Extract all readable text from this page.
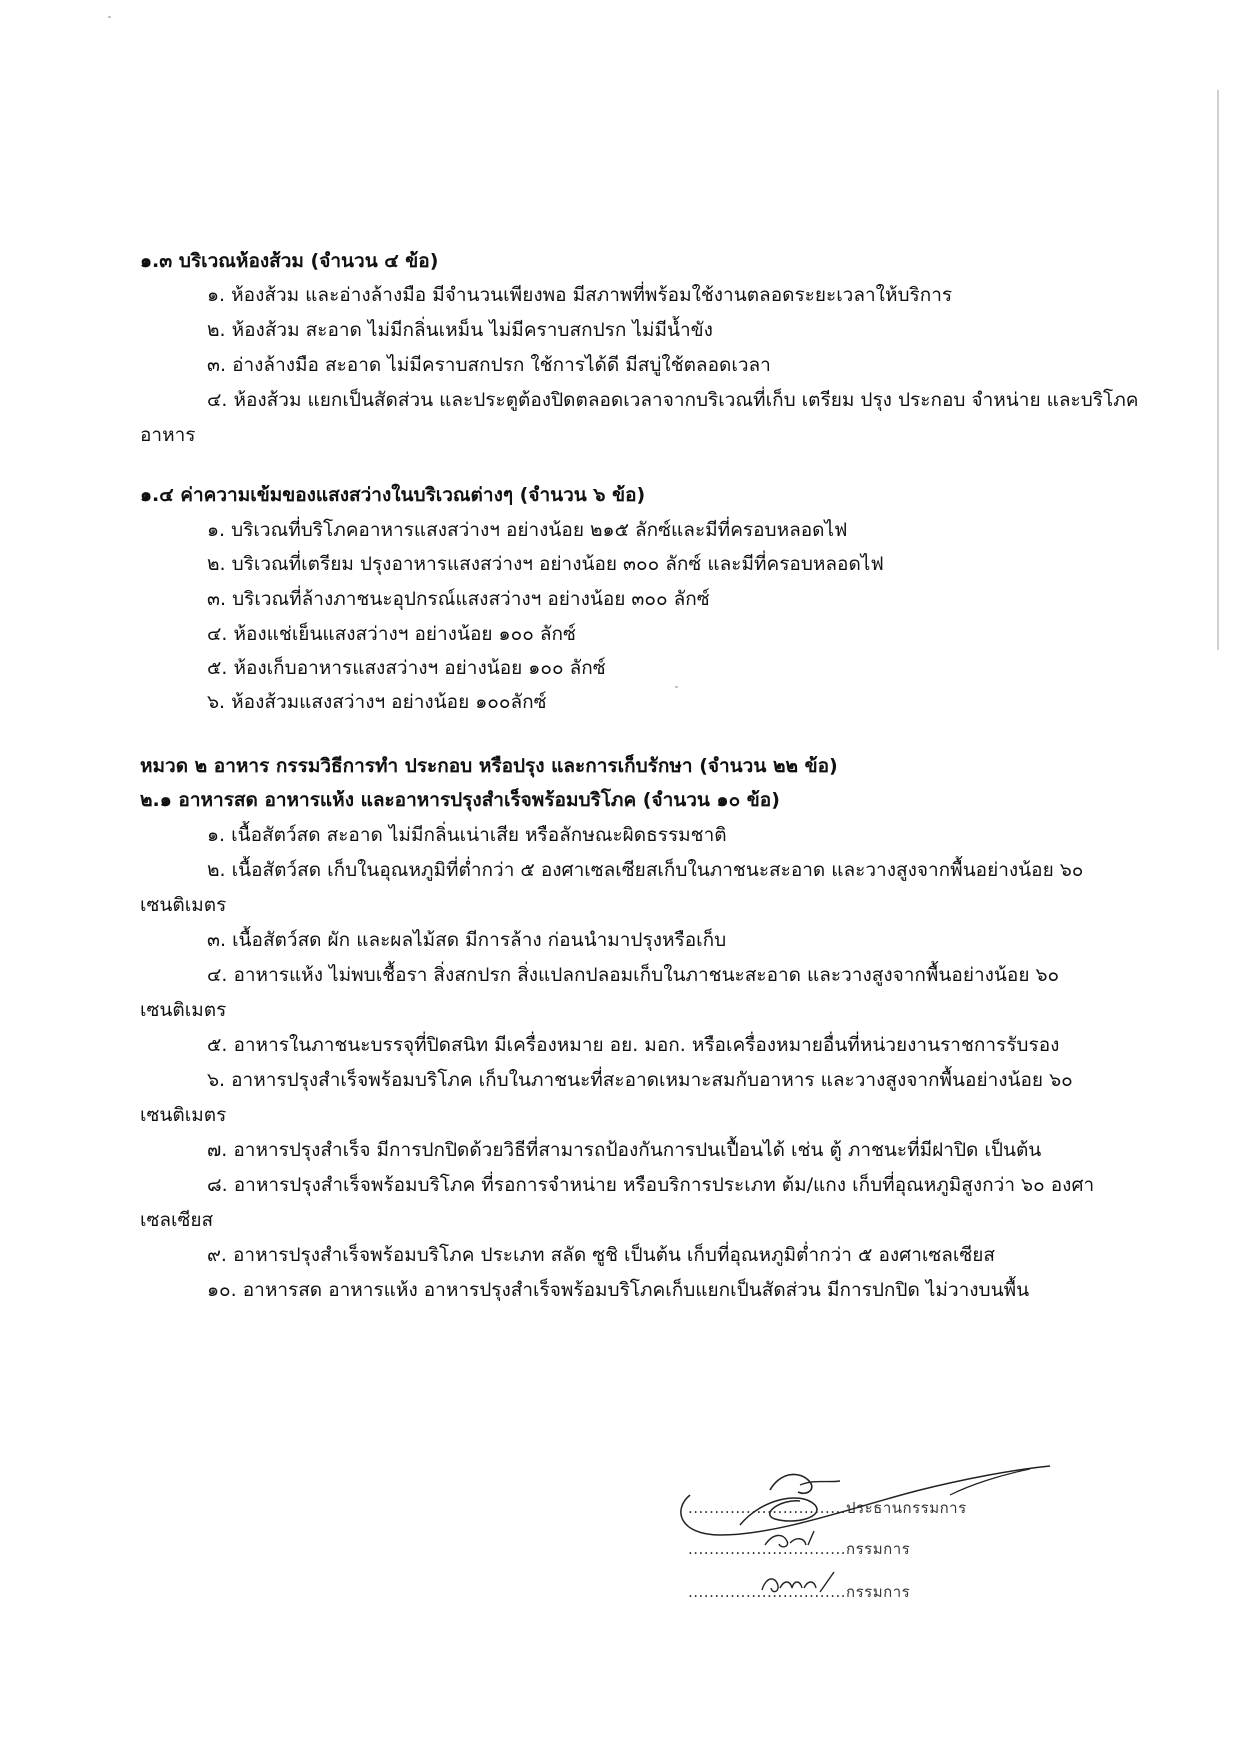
๑.๓ บริเวณห้องส้วม (จำนวน ๔ ข้อ)
๑. ห้องส้วม และอ่างล้างมือ มีจำนวนเพียงพอ มีสภาพที่พร้อมใช้งานตลอดระยะเวลาให้บริการ
๒. ห้องส้วม สะอาด ไม่มีกลิ่นเหม็น ไม่มีคราบสกปรก ไม่มีน้ำขัง
๓. อ่างล้างมือ สะอาด ไม่มีคราบสกปรก ใช้การได้ดี มีสบู่ใช้ตลอดเวลา
๔. ห้องส้วม แยกเป็นสัดส่วน และประตูต้องปิดตลอดเวลาจากบริเวณที่เก็บ เตรียม ปรุง ประกอบ จำหน่าย และบริโภค
อาหาร
๑.๔ ค่าความเข้มของแสงสว่างในบริเวณต่างๆ (จำนวน ๖ ข้อ)
๑. บริเวณที่บริโภคอาหารแสงสว่างฯ อย่างน้อย ๒๑๕ ลักซ์และมีที่ครอบหลอดไฟ
๒. บริเวณที่เตรียม ปรุงอาหารแสงสว่างฯ อย่างน้อย ๓๐๐ ลักซ์ และมีที่ครอบหลอดไฟ
๓. บริเวณที่ล้างภาชนะอุปกรณ์แสงสว่างฯ อย่างน้อย ๓๐๐ ลักซ์
๔. ห้องแช่เย็นแสงสว่างฯ อย่างน้อย ๑๐๐ ลักซ์
๕. ห้องเก็บอาหารแสงสว่างฯ อย่างน้อย ๑๐๐ ลักซ์
๖. ห้องส้วมแสงสว่างฯ อย่างน้อย ๑๐๐ลักซ์
หมวด ๒ อาหาร กรรมวิธีการทำ ประกอบ หรือปรุง และการเก็บรักษา (จำนวน ๒๒ ข้อ)
๒.๑ อาหารสด อาหารแห้ง และอาหารปรุงสำเร็จพร้อมบริโภค (จำนวน ๑๐ ข้อ)
๑. เนื้อสัตว์สด สะอาด ไม่มีกลิ่นเน่าเสีย หรือลักษณะผิดธรรมชาติ
๒. เนื้อสัตว์สด เก็บในอุณหภูมิที่ต่ำกว่า ๕ องศาเซลเซียสเก็บในภาชนะสะอาด และวางสูงจากพื้นอย่างน้อย ๖๐
เซนติเมตร
๓. เนื้อสัตว์สด ผัก และผลไม้สด มีการล้าง ก่อนนำมาปรุงหรือเก็บ
๔. อาหารแห้ง ไม่พบเชื้อรา สิ่งสกปรก สิ่งแปลกปลอมเก็บในภาชนะสะอาด และวางสูงจากพื้นอย่างน้อย ๖๐
เซนติเมตร
๕. อาหารในภาชนะบรรจุที่ปิดสนิท มีเครื่องหมาย อย. มอก. หรือเครื่องหมายอื่นที่หน่วยงานราชการรับรอง
๖. อาหารปรุงสำเร็จพร้อมบริโภค เก็บในภาชนะที่สะอาดเหมาะสมกับอาหาร และวางสูงจากพื้นอย่างน้อย ๖๐
เซนติเมตร
๗. อาหารปรุงสำเร็จ มีการปกปิดด้วยวิธีที่สามารถป้องกันการปนเปื้อนได้ เช่น ตู้ ภาชนะที่มีฝาปิด เป็นต้น
๘. อาหารปรุงสำเร็จพร้อมบริโภค ที่รอการจำหน่าย หรือบริการประเภท ต้ม/แกง เก็บที่อุณหภูมิสูงกว่า ๖๐ องศา
เซลเซียส
๙. อาหารปรุงสำเร็จพร้อมบริโภค ประเภท สลัด ซูชิ เป็นต้น เก็บที่อุณหภูมิต่ำกว่า ๕ องศาเซลเซียส
๑๐. อาหารสด อาหารแห้ง อาหารปรุงสำเร็จพร้อมบริโภคเก็บแยกเป็นสัดส่วน มีการปกปิด ไม่วางบนพื้น
..............................ประธานกรรมการ
..............................กรรมการ
..............................กรรมการ
